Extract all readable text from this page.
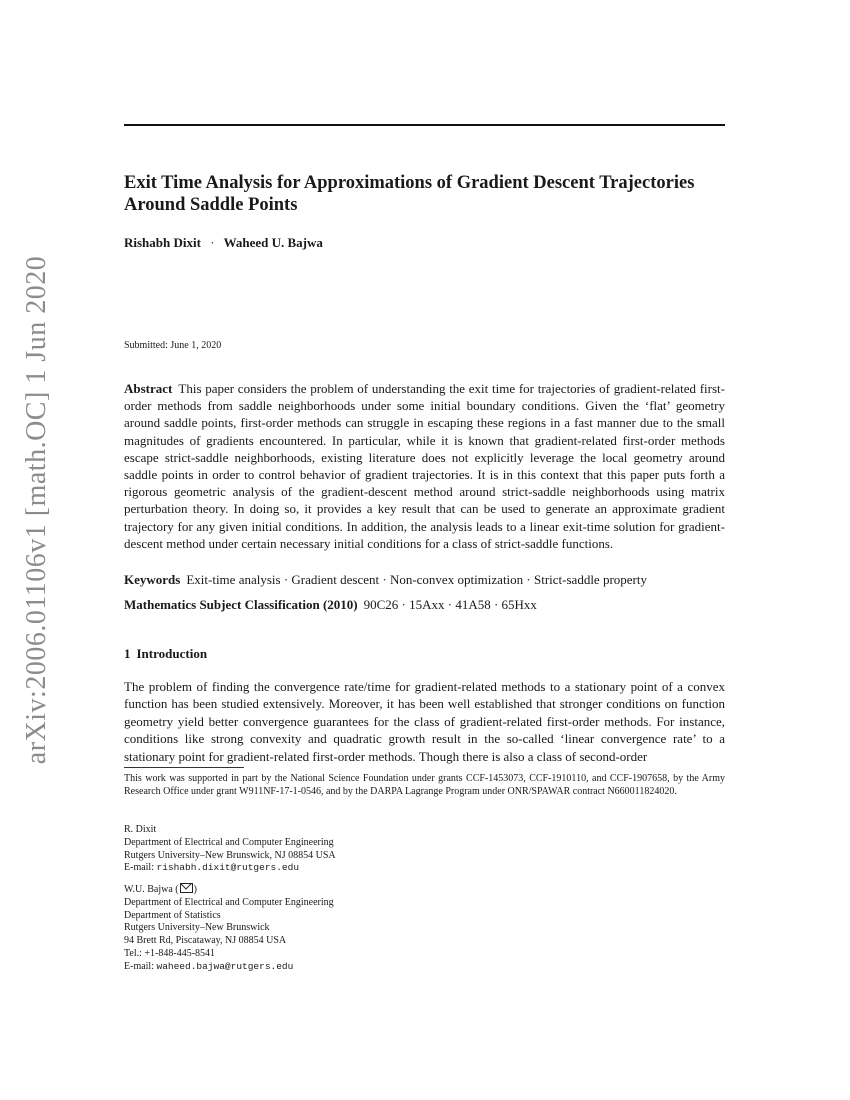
arXiv:2006.01106v1 [math.OC] 1 Jun 2020
Exit Time Analysis for Approximations of Gradient Descent Trajectories Around Saddle Points
Rishabh Dixit · Waheed U. Bajwa
Submitted: June 1, 2020

Abstract This paper considers the problem of understanding the exit time for trajectories of gradient-related first-order methods from saddle neighborhoods under some initial boundary conditions. Given the ‘flat’ geometry around saddle points, first-order methods can struggle in escaping these regions in a fast manner due to the small magnitudes of gradients encountered. In particular, while it is known that gradient-related first-order methods escape strict-saddle neighborhoods, existing literature does not explicitly leverage the local geometry around saddle points in order to control behavior of gradient trajectories. It is in this context that this paper puts forth a rigorous geometric analysis of the gradient-descent method around strict-saddle neighborhoods using matrix perturbation theory. In doing so, it provides a key result that can be used to generate an approximate gradient trajectory for any given initial conditions. In addition, the analysis leads to a linear exit-time solution for gradient-descent method under certain necessary initial conditions for a class of strict-saddle functions.

Keywords Exit-time analysis · Gradient descent · Non-convex optimization · Strict-saddle property
Mathematics Subject Classification (2010) 90C26 · 15Axx · 41A58 · 65Hxx
1 Introduction

The problem of finding the convergence rate/time for gradient-related methods to a stationary point of a convex function has been studied extensively. Moreover, it has been well established that stronger conditions on function geometry yield better convergence guarantees for the class of gradient-related first-order methods. For instance, conditions like strong convexity and quadratic growth result in the so-called ‘linear convergence rate’ to a stationary point for gradient-related first-order methods. Though there is also a class of second-order

This work was supported in part by the National Science Foundation under grants CCF-1453073, CCF-1910110, and CCF-1907658, by the Army Research Office under grant W911NF-17-1-0546, and by the DARPA Lagrange Program under ONR/SPAWAR contract N660011824020.

R. Dixit
Department of Electrical and Computer Engineering
Rutgers University–New Brunswick, NJ 08854 USA
E-mail: rishabh.dixit@rutgers.edu
W.U. Bajwa ( )
Department of Electrical and Computer Engineering
Department of Statistics
Rutgers University–New Brunswick
94 Brett Rd, Piscataway, NJ 08854 USA
Tel.: +1-848-445-8541
E-mail: waheed.bajwa@rutgers.edu
